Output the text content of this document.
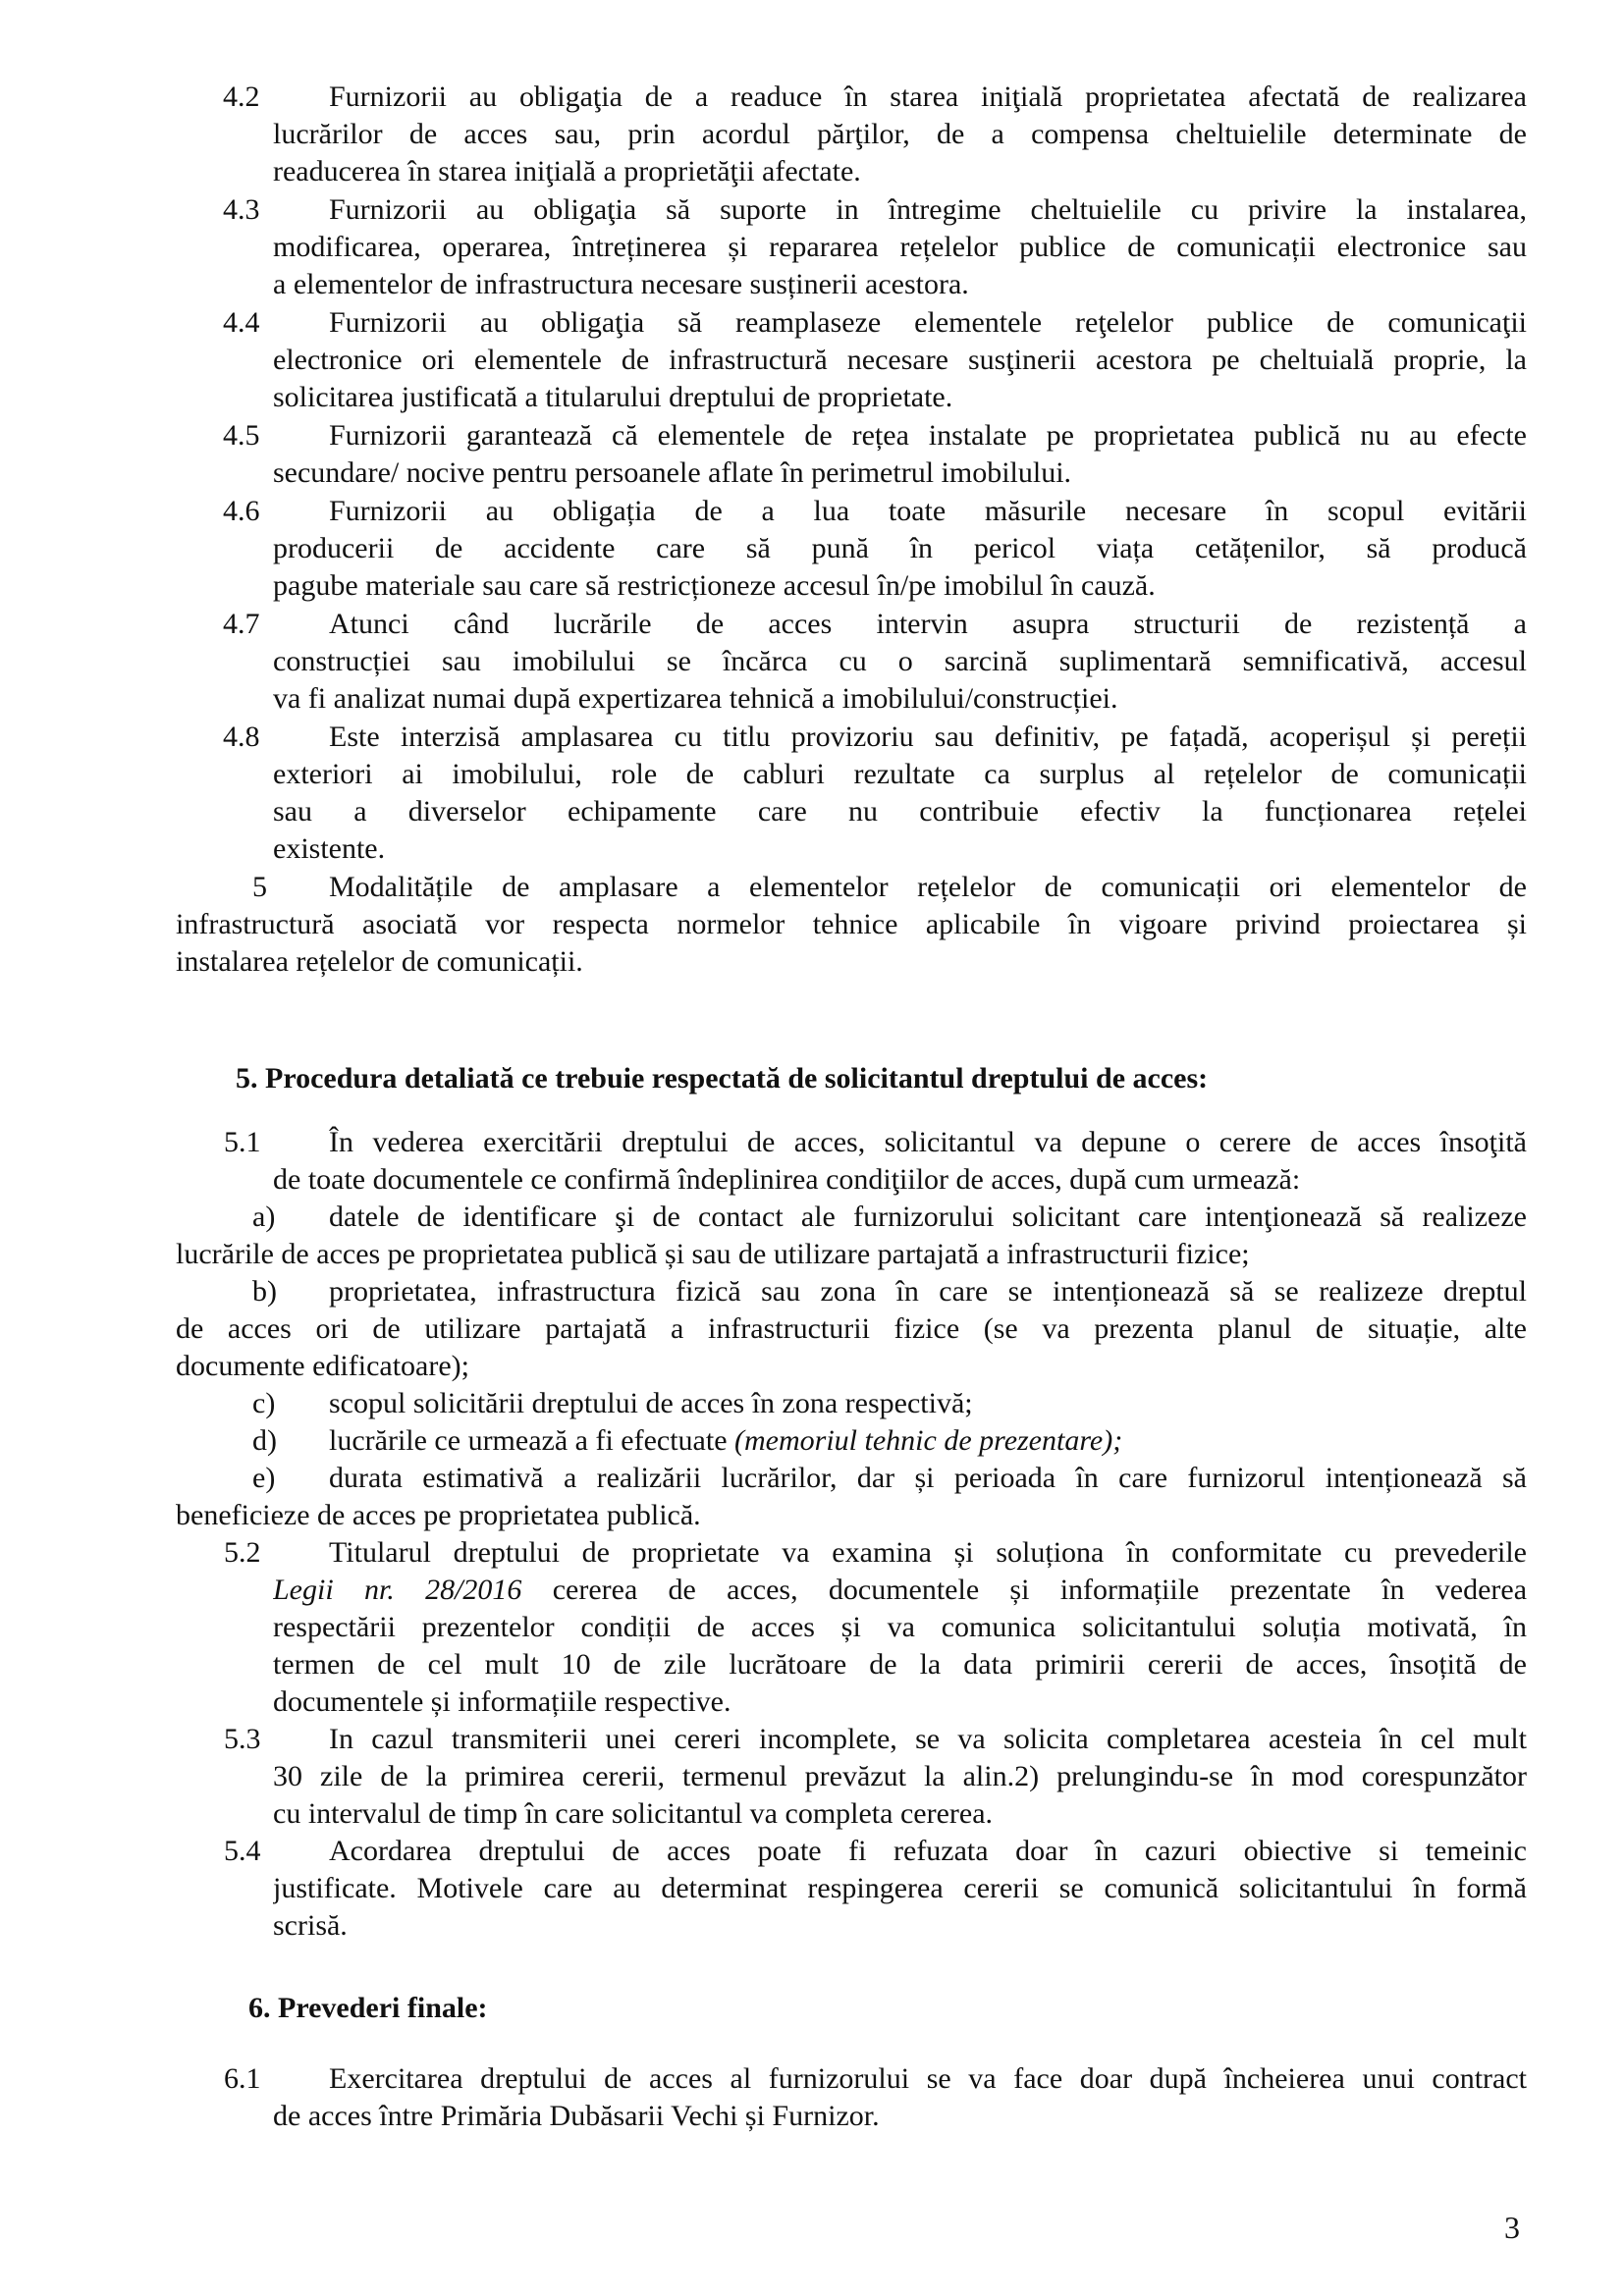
4.2 Furnizorii au obligaţia de a readuce în starea iniţială proprietatea afectată de realizarea
lucrărilor de acces sau, prin acordul părţilor, de a compensa cheltuielile determinate de
readucerea în starea iniţială a proprietăţii afectate.
4.3 Furnizorii au obligaţia să suporte in întregime cheltuielile cu privire la instalarea,
modificarea, operarea, întreținerea și repararea rețelelor publice de comunicații electronice sau
a elementelor de infrastructura necesare susținerii acestora.
4.4 Furnizorii au obligaţia să reamplaseze elementele reţelelor publice de comunicaţii
electronice ori elementele de infrastructură necesare susţinerii acestora pe cheltuială proprie, la
solicitarea justificată a titularului dreptului de proprietate.
4.5 Furnizorii garantează că elementele de rețea instalate pe proprietatea publică nu au efecte
secundare/ nocive pentru persoanele aflate în perimetrul imobilului.
4.6 Furnizorii au obligația de a lua toate măsurile necesare în scopul evitării
producerii de accidente care să pună în pericol viața cetățenilor, să producă
pagube materiale sau care să restricționeze accesul în/pe imobilul în cauză.
4.7 Atunci când lucrările de acces intervin asupra structurii de rezistență a
construcției sau imobilului se încărca cu o sarcină suplimentară semnificativă, accesul
va fi analizat numai după expertizarea tehnică a imobilului/construcției.
4.8 Este interzisă amplasarea cu titlu provizoriu sau definitiv, pe fațadă, acoperișul și pereții
exteriori ai imobilului, role de cabluri rezultate ca surplus al rețelelor de comunicații
sau a diverselor echipamente care nu contribuie efectiv la funcționarea rețelei
existente.
5 Modalitățile de amplasare a elementelor rețelelor de comunicații ori elementelor de
infrastructură asociată vor respecta normelor tehnice aplicabile în vigoare privind proiectarea și
instalarea rețelelor de comunicații.
5. Procedura detaliată ce trebuie respectată de solicitantul dreptului de acces:
5.1 În vederea exercitării dreptului de acces, solicitantul va depune o cerere de acces însoţită
de toate documentele ce confirmă îndeplinirea condiţiilor de acces, după cum urmează:
a) datele de identificare şi de contact ale furnizorului solicitant care intenţionează să realizeze
lucrările de acces pe proprietatea publică și sau de utilizare partajată a infrastructurii fizice;
b) proprietatea, infrastructura fizică sau zona în care se intenționează să se realizeze dreptul
de acces ori de utilizare partajată a infrastructurii fizice (se va prezenta planul de situație, alte
documente edificatoare);
c) scopul solicitării dreptului de acces în zona respectivă;
d) lucrările ce urmează a fi efectuate (memoriul tehnic de prezentare);
e) durata estimativă a realizării lucrărilor, dar și perioada în care furnizorul intenționează să
beneficieze de acces pe proprietatea publică.
5.2 Titularul dreptului de proprietate va examina și soluționa în conformitate cu prevederile
Legii nr. 28/2016 cererea de acces, documentele și informațiile prezentate în vederea
respectării prezentelor condiții de acces și va comunica solicitantului soluția motivată, în
termen de cel mult 10 de zile lucrătoare de la data primirii cererii de acces, însoțită de
documentele și informațiile respective.
5.3 In cazul transmiterii unei cereri incomplete, se va solicita completarea acesteia în cel mult
30 zile de la primirea cererii, termenul prevăzut la alin.2) prelungindu-se în mod corespunzător
cu intervalul de timp în care solicitantul va completa cererea.
5.4 Acordarea dreptului de acces poate fi refuzata doar în cazuri obiective si temeinic
justificate. Motivele care au determinat respingerea cererii se comunică solicitantului în formă
scrisă.
6. Prevederi finale:
6.1 Exercitarea dreptului de acces al furnizorului se va face doar după încheierea unui contract
de acces între Primăria Dubăsarii Vechi și Furnizor.
3
